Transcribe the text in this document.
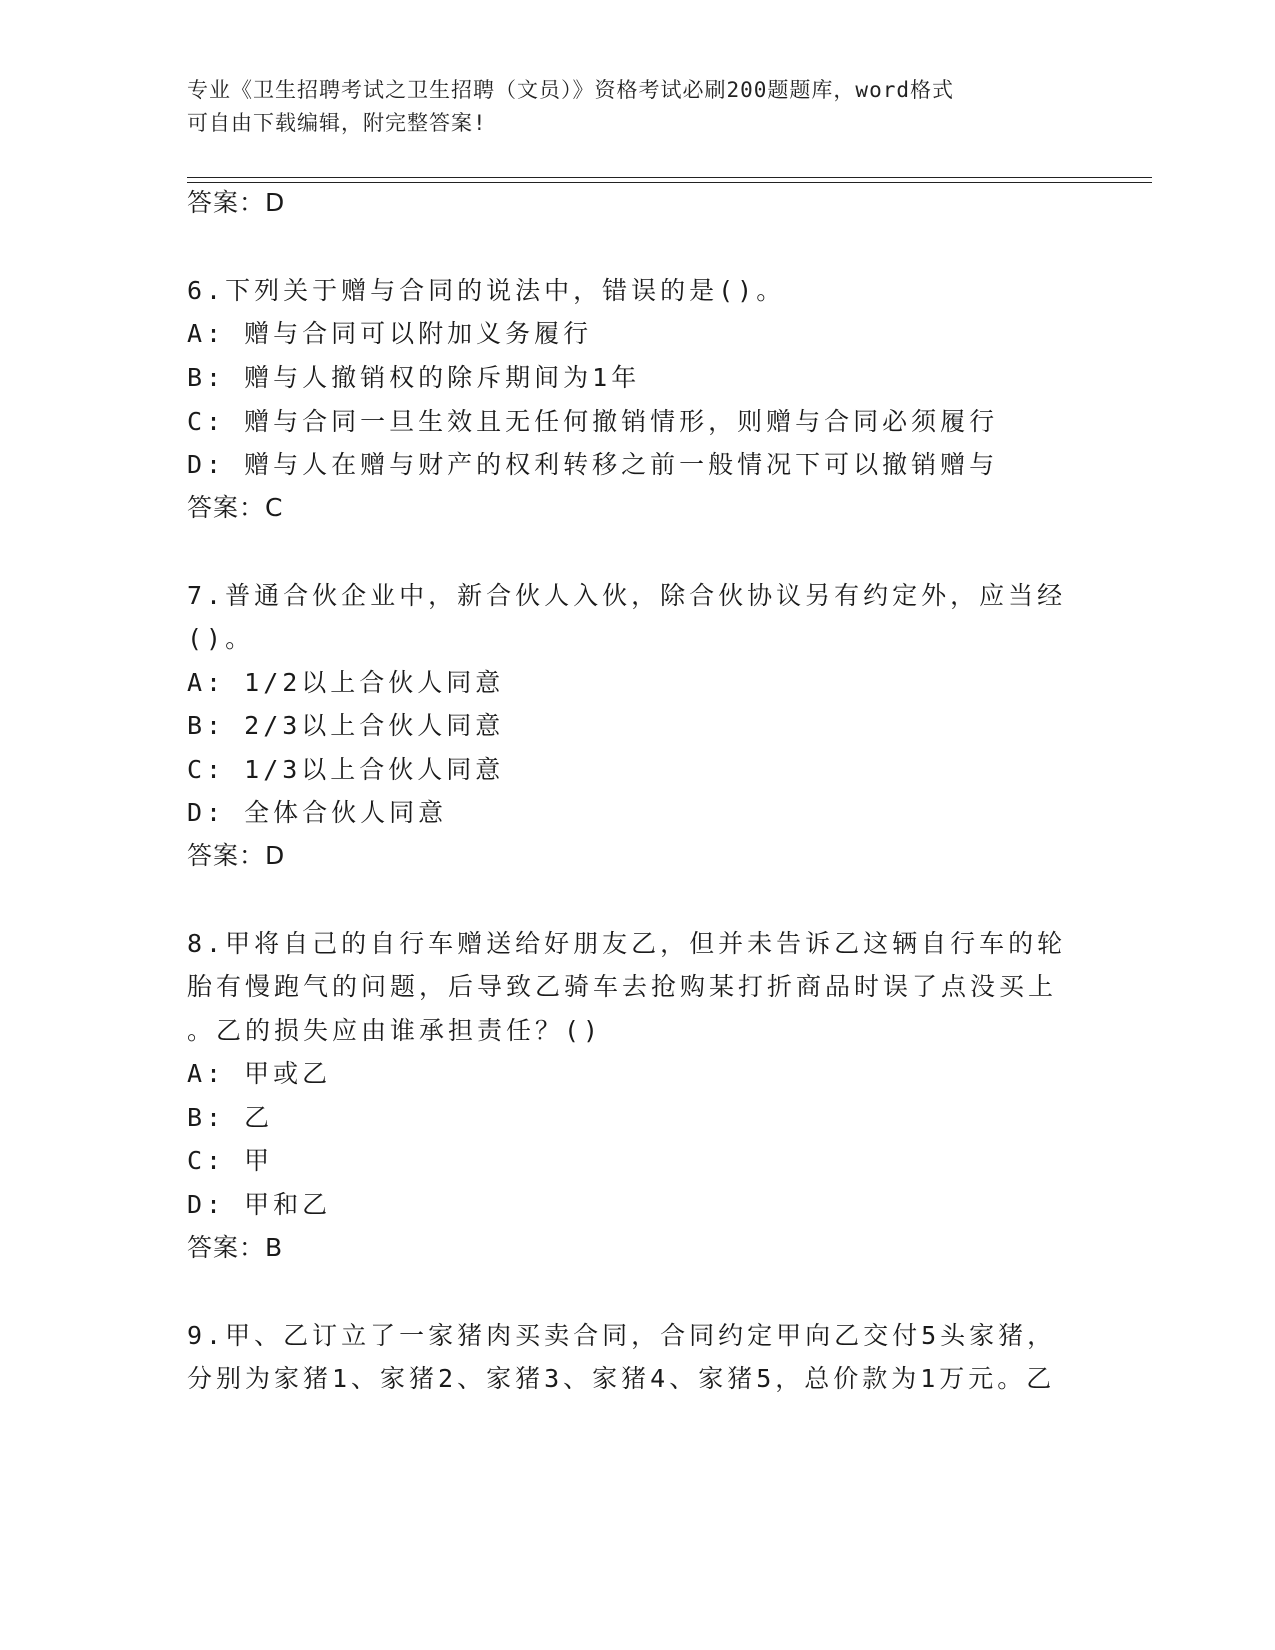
专业《卫生招聘考试之卫生招聘（文员）》资格考试必刷200题题库，word格式
可自由下载编辑，附完整答案!
答案：D
6.下列关于赠与合同的说法中，错误的是()。
A: 赠与合同可以附加义务履行
B: 赠与人撤销权的除斥期间为1年
C: 赠与合同一旦生效且无任何撤销情形，则赠与合同必须履行
D: 赠与人在赠与财产的权利转移之前一般情况下可以撤销赠与
答案：C
7.普通合伙企业中，新合伙人入伙，除合伙协议另有约定外，应当经
()。
A: 1/2以上合伙人同意
B: 2/3以上合伙人同意
C: 1/3以上合伙人同意
D: 全体合伙人同意
答案：D
8.甲将自己的自行车赠送给好朋友乙，但并未告诉乙这辆自行车的轮
胎有慢跑气的问题，后导致乙骑车去抢购某打折商品时误了点没买上
。乙的损失应由谁承担责任？()
A: 甲或乙
B: 乙
C: 甲
D: 甲和乙
答案：B
9.甲、乙订立了一家猪肉买卖合同，合同约定甲向乙交付5头家猪，
分别为家猪1、家猪2、家猪3、家猪4、家猪5，总价款为1万元。乙
